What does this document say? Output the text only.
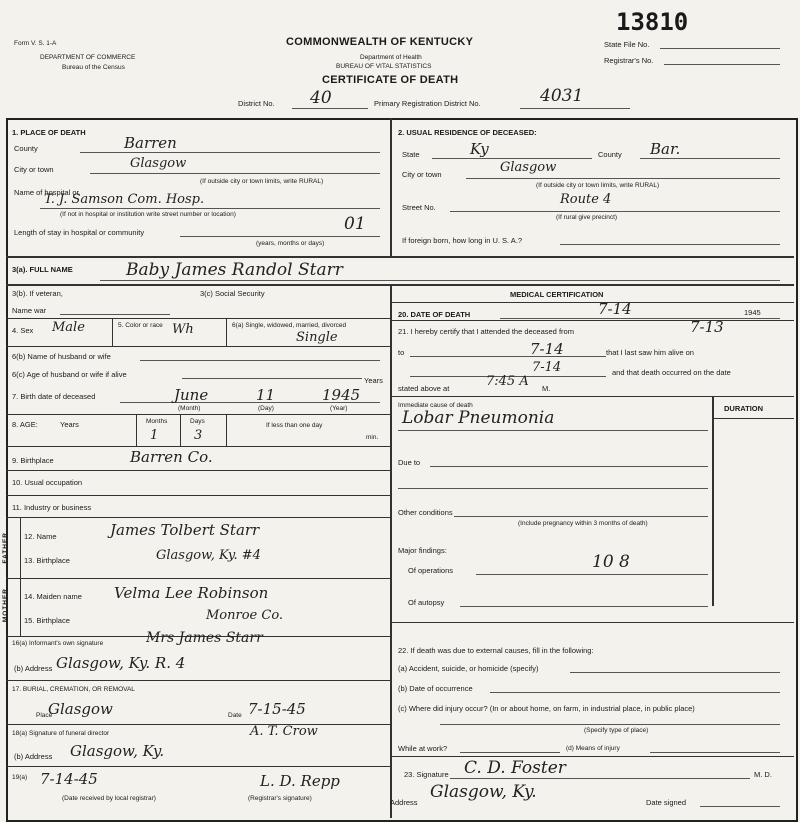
Form V. S. 1-A
DEPARTMENT OF COMMERCE
Bureau of the Census
13810
State File No.
Registrar's No.
COMMONWEALTH OF KENTUCKY
Department of Health
BUREAU OF VITAL STATISTICS
CERTIFICATE OF DEATH
District No. 40	Primary Registration District No.	4031
1. PLACE OF DEATH
County	Barren
City or town	Glasgow
(If outside city or town limits, write RURAL)
Name of hospital or
T. J. Samson Com. Hosp.
(If not in hospital or institution write street number or location)
Length of stay in hospital or community	01
(years, months or days)
2. USUAL RESIDENCE OF DECEASED:
State	Ky	County Bar.
City or town	Glasgow
(If outside city or town limits, write RURAL)
Street No.
Route 4
(If rural give precinct)
If foreign born, how long in U. S. A.?
3(a). FULL NAME	Baby James Randol Starr
3(b). If veteran,	3(c) Social Security
Name war
4. Sex Male	5. Color or race Wh	6(a) Single, widowed, married, divorced
Single
6(b) Name of husband or wife
6(c) Age of husband or wife if alive
Years
7. Birth date of deceased	June	11	1945
(Month)	(Day)	(Year)
8. AGE:	Years	Months
1
Days
3
If less than one day
min.
9. Birthplace	Barren Co.
10. Usual occupation
11. Industry or business
FATHER 12. Name	James Tolbert Starr
13. Birthplace	Glasgow, Ky. #4
MOTHER 14. Maiden name Velma Lee Robinson
15. Birthplace	Monroe Co.
16(a) Informant's own signature	Mrs James Starr
(b) Address Glasgow, Ky. R. 4
17. BURIAL, CREMATION, OR REMOVAL
Place
Glasgow	Date 7-15-45
18(a) Signature of funeral director	A. T. Crow
(b) Address Glasgow, Ky.
19(a) 7-14-45	L. D. Repp
(Date received by local registrar)	(Registrar's signature)
MEDICAL CERTIFICATION
20. DATE OF DEATH	7-14	1945
21. I hereby certify that I attended the deceased from	7-13
to	7-14	that I last saw him alive on
7-14	and that death occurred on the date
stated above at	7:45 A M.
DURATION
Immediate cause of death
Lobar Pneumonia
Due to
Other conditions
(Include pregnancy within 3 months of death)
Major findings:
Of operations	10 8
Of autopsy
22. If death was due to external causes, fill in the following:
(a) Accident, suicide, or homicide (specify)
(b) Date of occurrence
(c) Where did injury occur? (In or about home, on farm, in industrial place, in public place)
(Specify type of place)
While at work?	(d) Means of injury
23. Signature C. D. Foster	M. D.
Address
Glasgow, Ky.
Date signed
